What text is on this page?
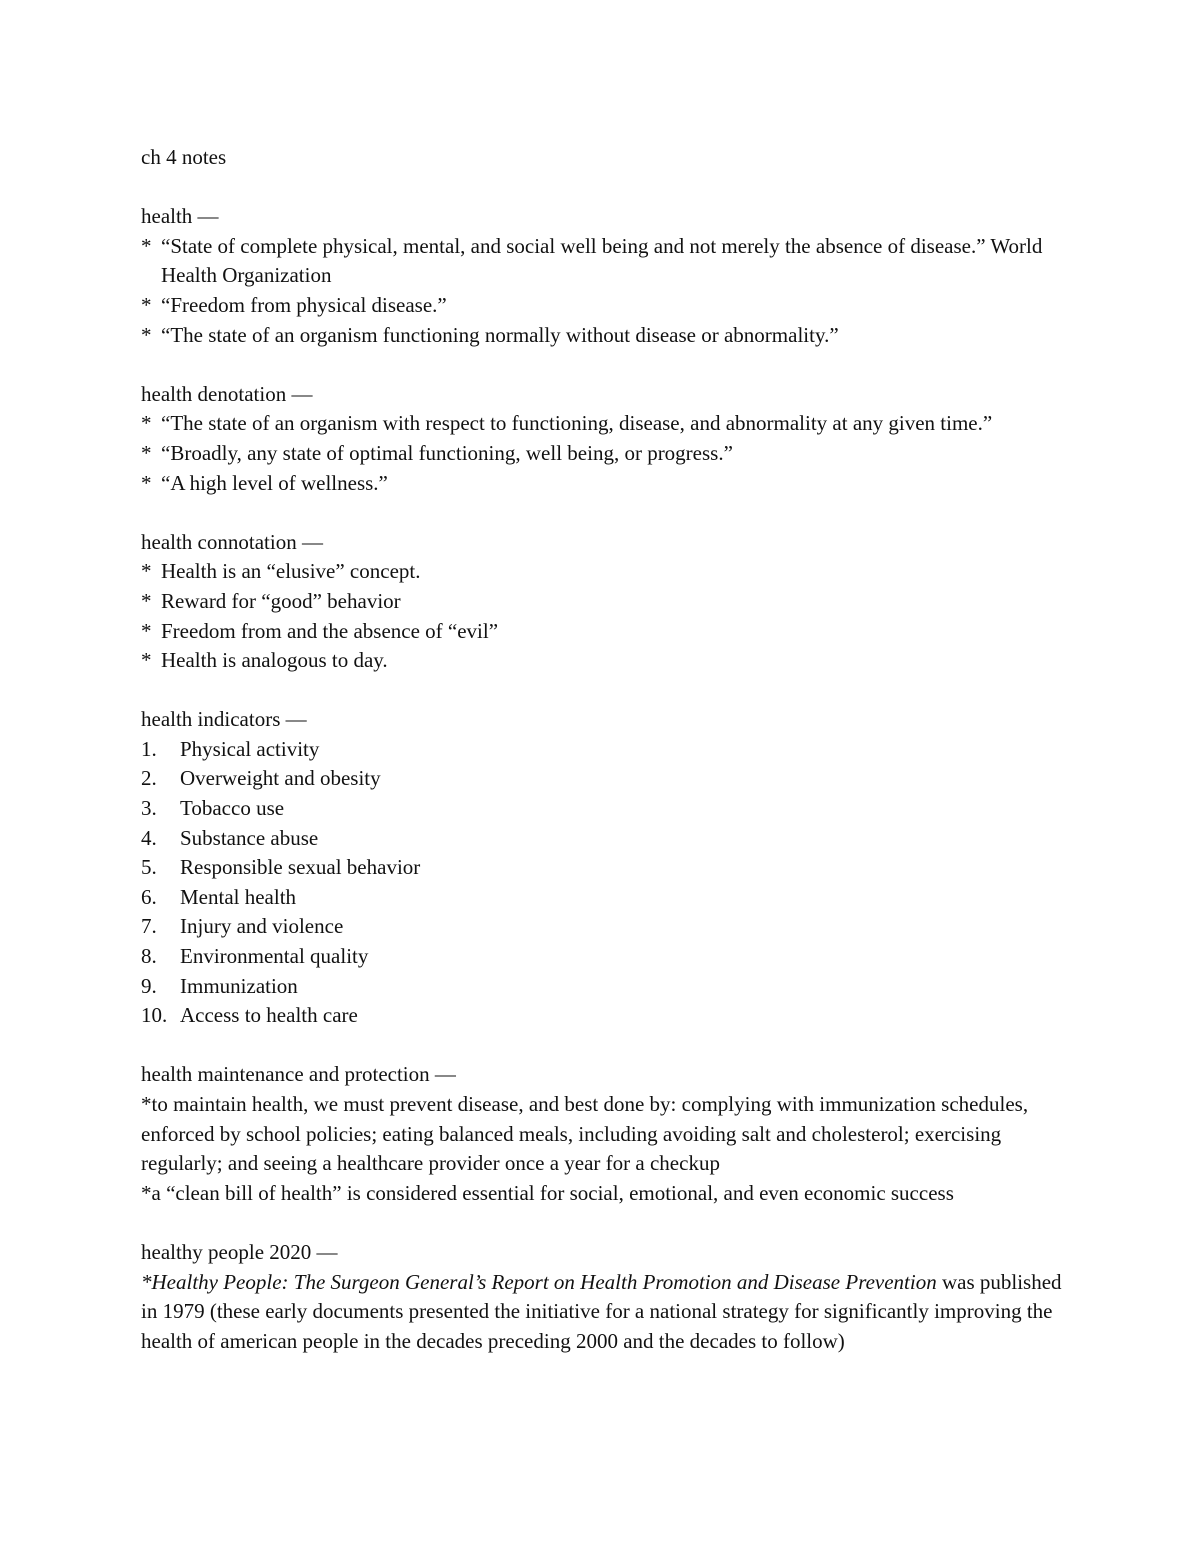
ch 4 notes

health —

* “State of complete physical, mental, and social well being and not merely the absence of disease.” World Health Organization
* “Freedom from physical disease.”
* “The state of an organism functioning normally without disease or abnormality.”

health denotation —

* “The state of an organism with respect to functioning, disease, and abnormality at any given time.”
* “Broadly, any state of optimal functioning, well being, or progress.”
* “A high level of wellness.”

health connotation —

* Health is an “elusive” concept.
* Reward for “good” behavior
* Freedom from and the absence of “evil”
* Health is analogous to day.

health indicators —

1. Physical activity
2. Overweight and obesity
3. Tobacco use
4. Substance abuse
5. Responsible sexual behavior
6. Mental health
7. Injury and violence
8. Environmental quality
9. Immunization
10. Access to health care

health maintenance and protection —

*to maintain health, we must prevent disease, and best done by: complying with immunization schedules, enforced by school policies; eating balanced meals, including avoiding salt and cholesterol; exercising regularly; and seeing a healthcare provider once a year for a checkup

*a “clean bill of health” is considered essential for social, emotional, and even economic success

healthy people 2020 —

*Healthy People: The Surgeon General’s Report on Health Promotion and Disease Prevention was published in 1979 (these early documents presented the initiative for a national strategy for significantly improving the health of american people in the decades preceding 2000 and the decades to follow)
